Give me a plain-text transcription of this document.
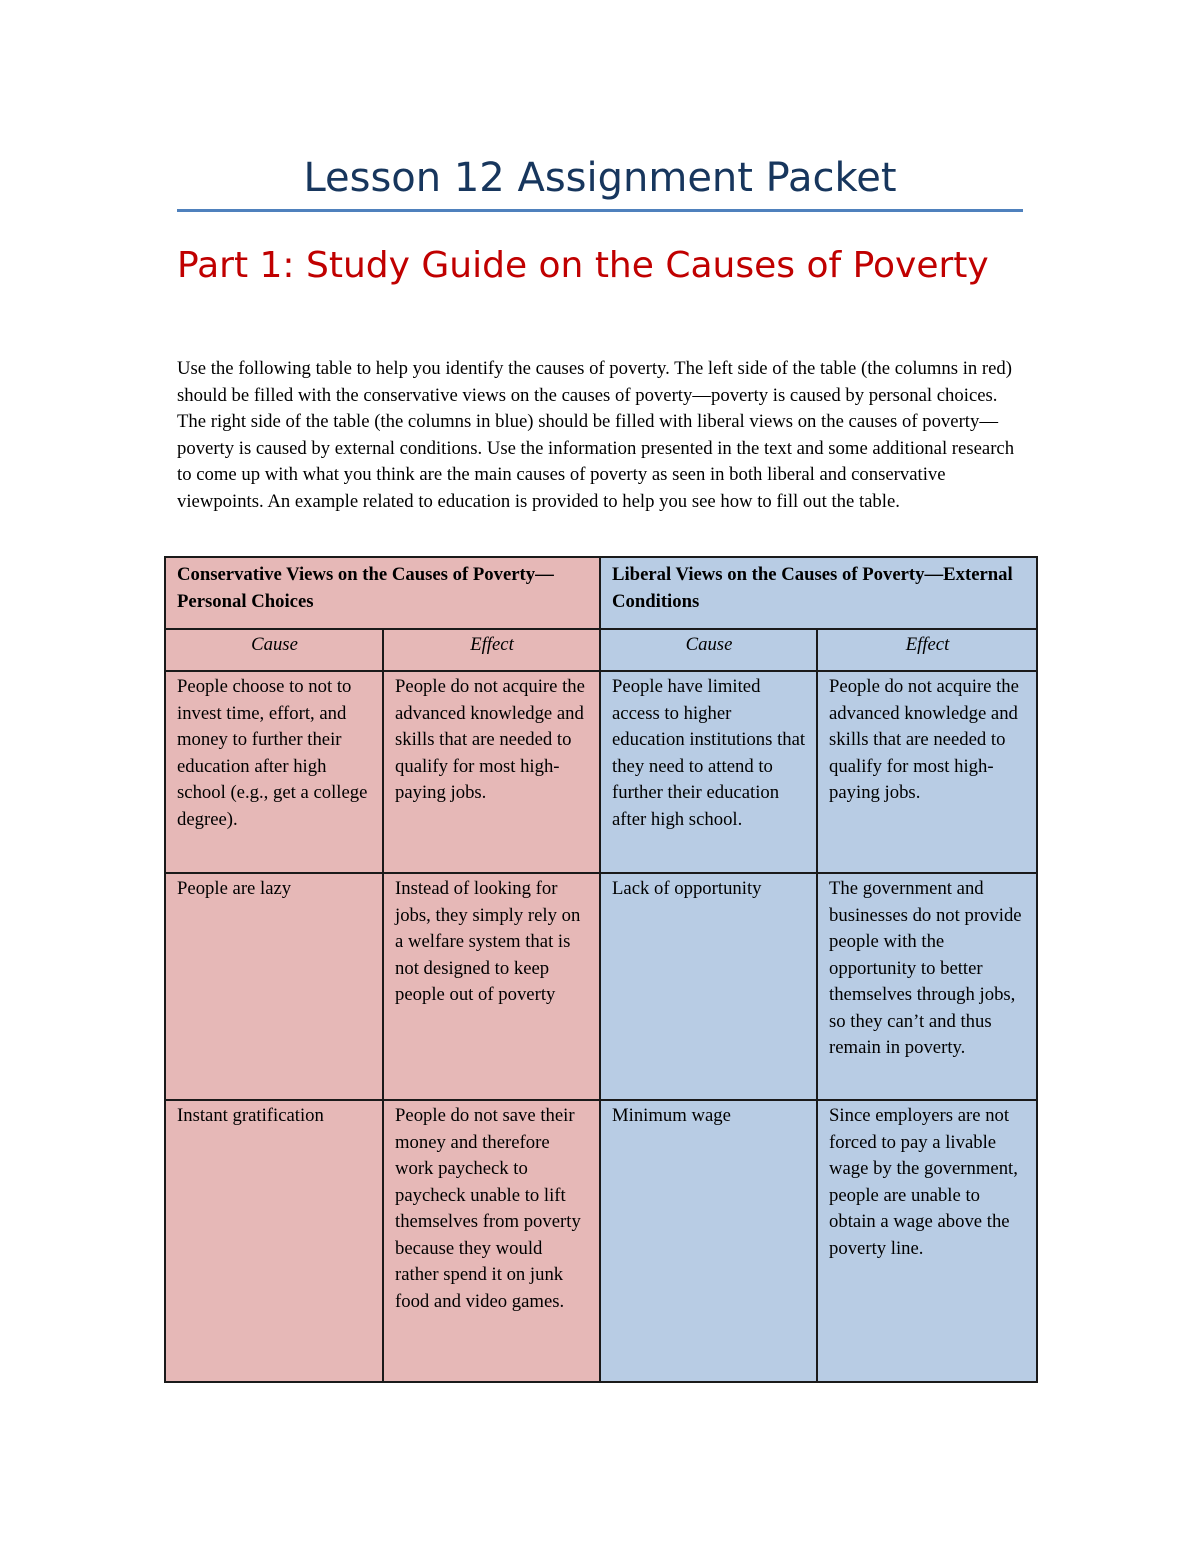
Lesson 12 Assignment Packet
Part 1: Study Guide on the Causes of Poverty

Use the following table to help you identify the causes of poverty. The left side of the table (the columns in red) should be filled with the conservative views on the causes of poverty—poverty is caused by personal choices. The right side of the table (the columns in blue) should be filled with liberal views on the causes of poverty—poverty is caused by external conditions. Use the information presented in the text and some additional research to come up with what you think are the main causes of poverty as seen in both liberal and conservative viewpoints. An example related to education is provided to help you see how to fill out the table.

Conservative Views on the Causes of Poverty—Personal Choices		Liberal Views on the Causes of Poverty—External Conditions	
Cause	Effect	Cause	Effect
People choose to not to invest time, effort, and money to further their education after high school (e.g., get a college degree).	People do not acquire the advanced knowledge and skills that are needed to qualify for most high-paying jobs.	People have limited access to higher education institutions that they need to attend to further their education after high school.	People do not acquire the advanced knowledge and skills that are needed to qualify for most high-paying jobs.
People are lazy	Instead of looking for jobs, they simply rely on a welfare system that is not designed to keep people out of poverty	Lack of opportunity	The government and businesses do not provide people with the opportunity to better themselves through jobs, so they can’t and thus remain in poverty.
Instant gratification	People do not save their money and therefore work paycheck to paycheck unable to lift themselves from poverty because they would rather spend it on junk food and video games.	Minimum wage	Since employers are not forced to pay a livable wage by the government, people are unable to obtain a wage above the poverty line.
